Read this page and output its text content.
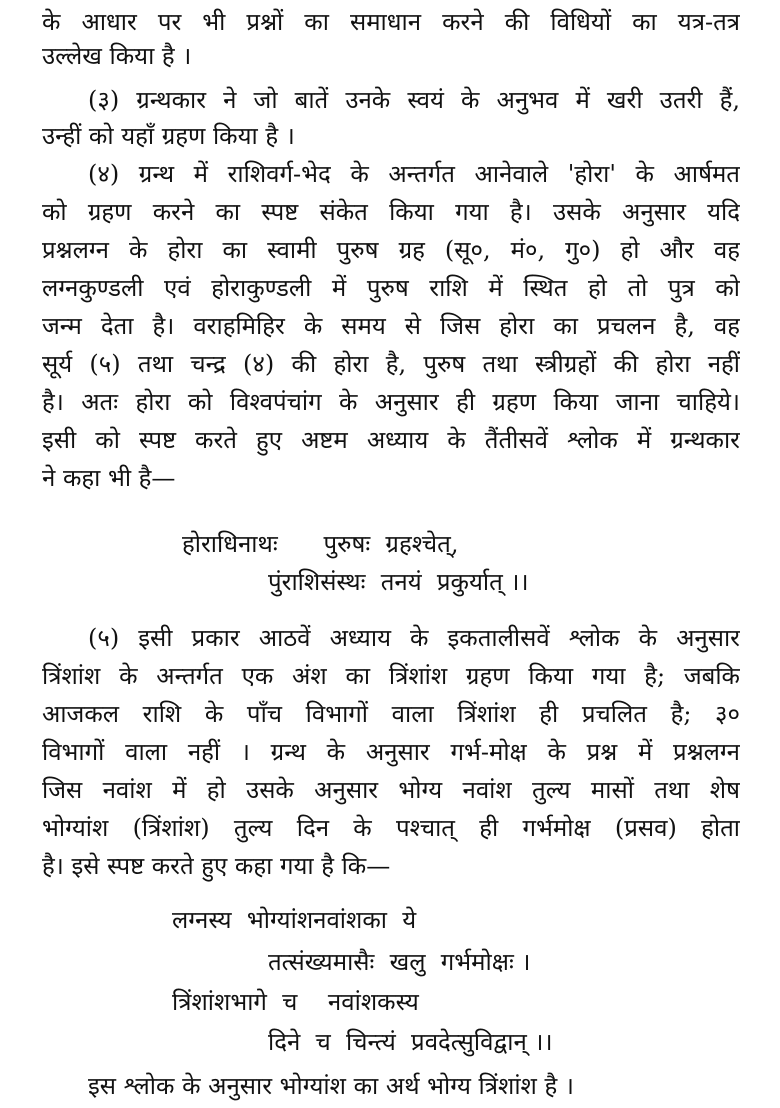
के आधार पर भी प्रश्नों का समाधान करने की विधियों का यत्र-तत्र
उल्लेख किया है ।
(३) ग्रन्थकार ने जो बातें उनके स्वयं के अनुभव में खरी उतरी हैं,
उन्हीं को यहाँ ग्रहण किया है ।
(४) ग्रन्थ में राशिवर्ग-भेद के अन्तर्गत आनेवाले 'होरा' के आर्षमत
को ग्रहण करने का स्पष्ट संकेत किया गया है। उसके अनुसार यदि
प्रश्नलग्न के होरा का स्वामी पुरुष ग्रह (सू०, मं०, गु०) हो और वह
लग्नकुण्डली एवं होराकुण्डली में पुरुष राशि में स्थित हो तो पुत्र को
जन्म देता है। वराहमिहिर के समय से जिस होरा का प्रचलन है, वह
सूर्य (५) तथा चन्द्र (४) की होरा है, पुरुष तथा स्त्रीग्रहों की होरा नहीं
है। अतः होरा को विश्वपंचांग के अनुसार ही ग्रहण किया जाना चाहिये।
इसी को स्पष्ट करते हुए अष्टम अध्याय के तैंतीसवें श्लोक में ग्रन्थकार
ने कहा भी है—
होराधिनाथः      पुरुषः  ग्रहश्चेत्,
पुंराशिसंस्थः  तनयं  प्रकुर्यात् ।।
(५) इसी प्रकार आठवें अध्याय के इकतालीसवें श्लोक के अनुसार
त्रिंशांश के अन्तर्गत एक अंश का त्रिंशांश ग्रहण किया गया है; जबकि
आजकल राशि के पाँच विभागों वाला त्रिंशांश ही प्रचलित है; ३०
विभागों वाला नहीं । ग्रन्थ के अनुसार गर्भ-मोक्ष के प्रश्न में प्रश्नलग्न
जिस नवांश में हो उसके अनुसार भोग्य नवांश तुल्य मासों तथा शेष
भोग्यांश (त्रिंशांश) तुल्य दिन के पश्चात् ही गर्भमोक्ष (प्रसव) होता
है। इसे स्पष्ट करते हुए कहा गया है कि—
लग्नस्य  भोग्यांशनवांशका  ये
तत्संख्यमासैः  खलु  गर्भमोक्षः ।
त्रिंशांशभागे  च    नवांशकस्य
दिने  च  चिन्त्यं  प्रवदेत्सुविद्वान् ।।
इस श्लोक के अनुसार भोग्यांश का अर्थ भोग्य त्रिंशांश है ।
